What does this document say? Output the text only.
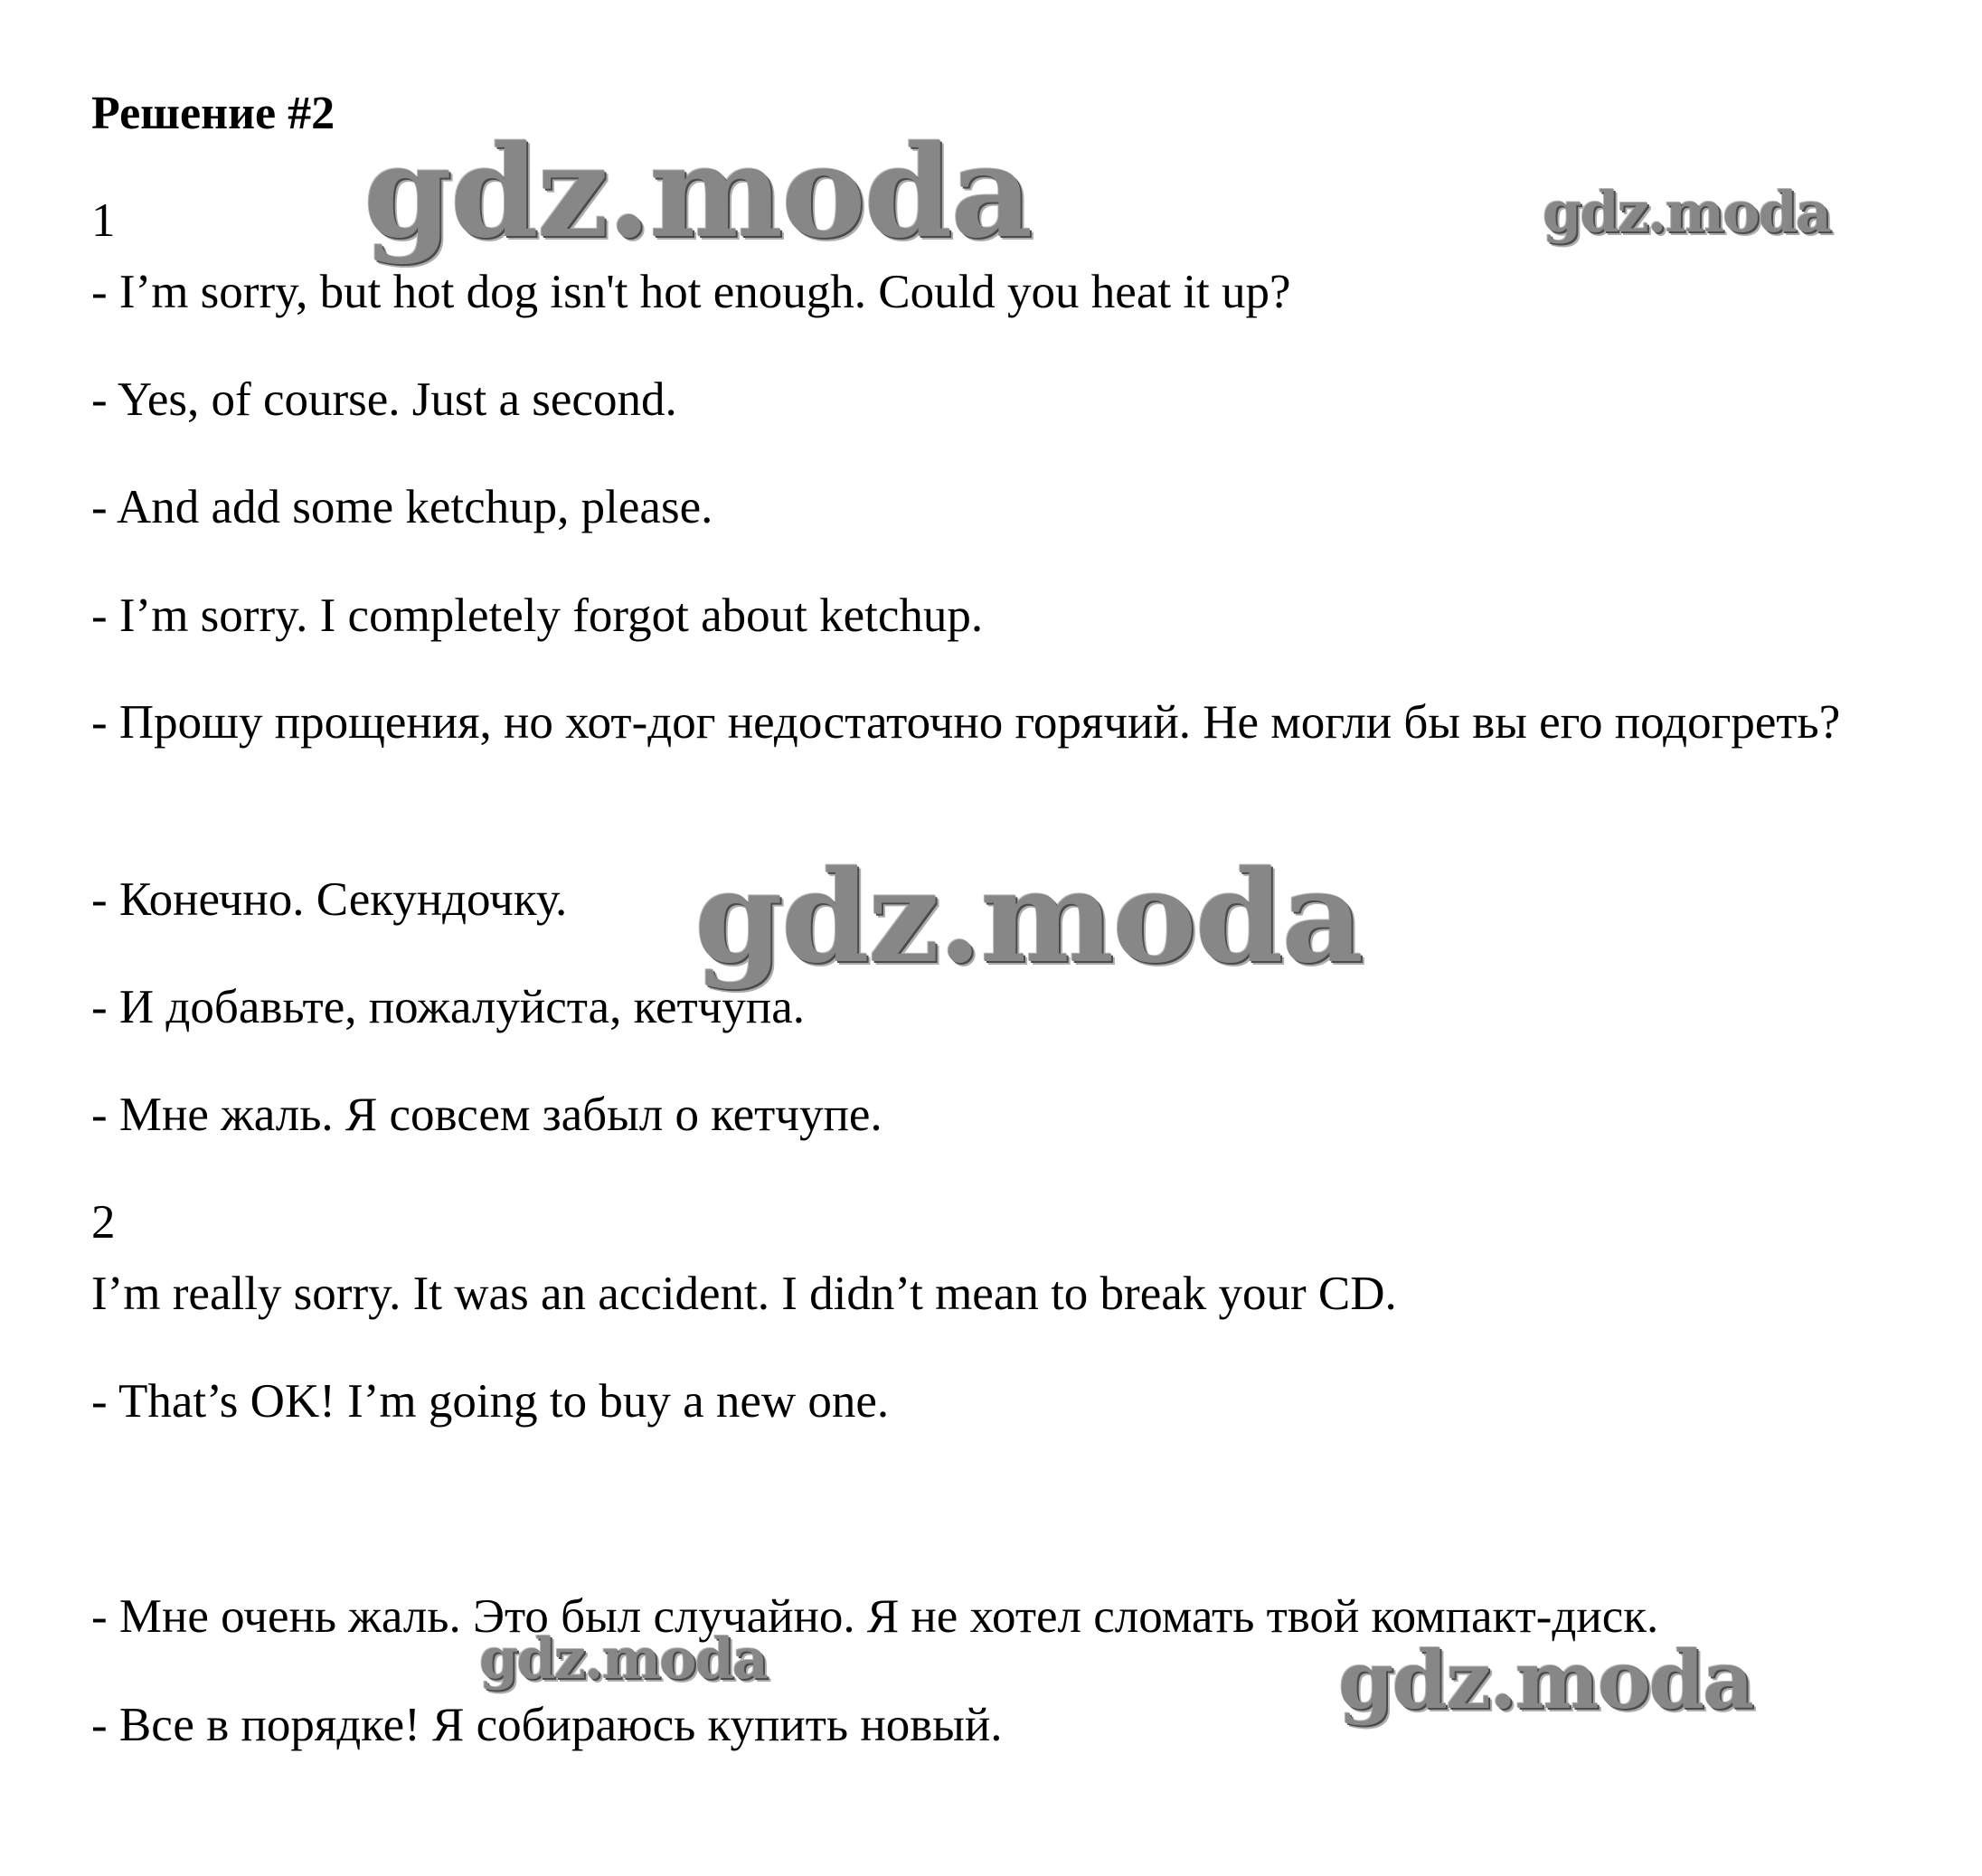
Решение #2
1
- I’m sorry, but hot dog isn't hot enough. Could you heat it up?
- Yes, of course. Just a second.
- And add some ketchup, please.
- I’m sorry. I completely forgot about ketchup.
- Прошу прощения, но хот-дог недостаточно горячий. Не могли бы вы его подогреть?
- Конечно. Секундочку.
- И добавьте, пожалуйста, кетчупа.
- Мне жаль. Я совсем забыл о кетчупе.
2
I’m really sorry. It was an accident. I didn’t mean to break your CD.
- That’s OK! I’m going to buy a new one.
- Мне очень жаль. Это был случайно. Я не хотел сломать твой компакт-диск.
- Все в порядке! Я собираюсь купить новый.
gdz.moda	gdz.moda
gdz.moda
gdz.moda	gdz.moda
